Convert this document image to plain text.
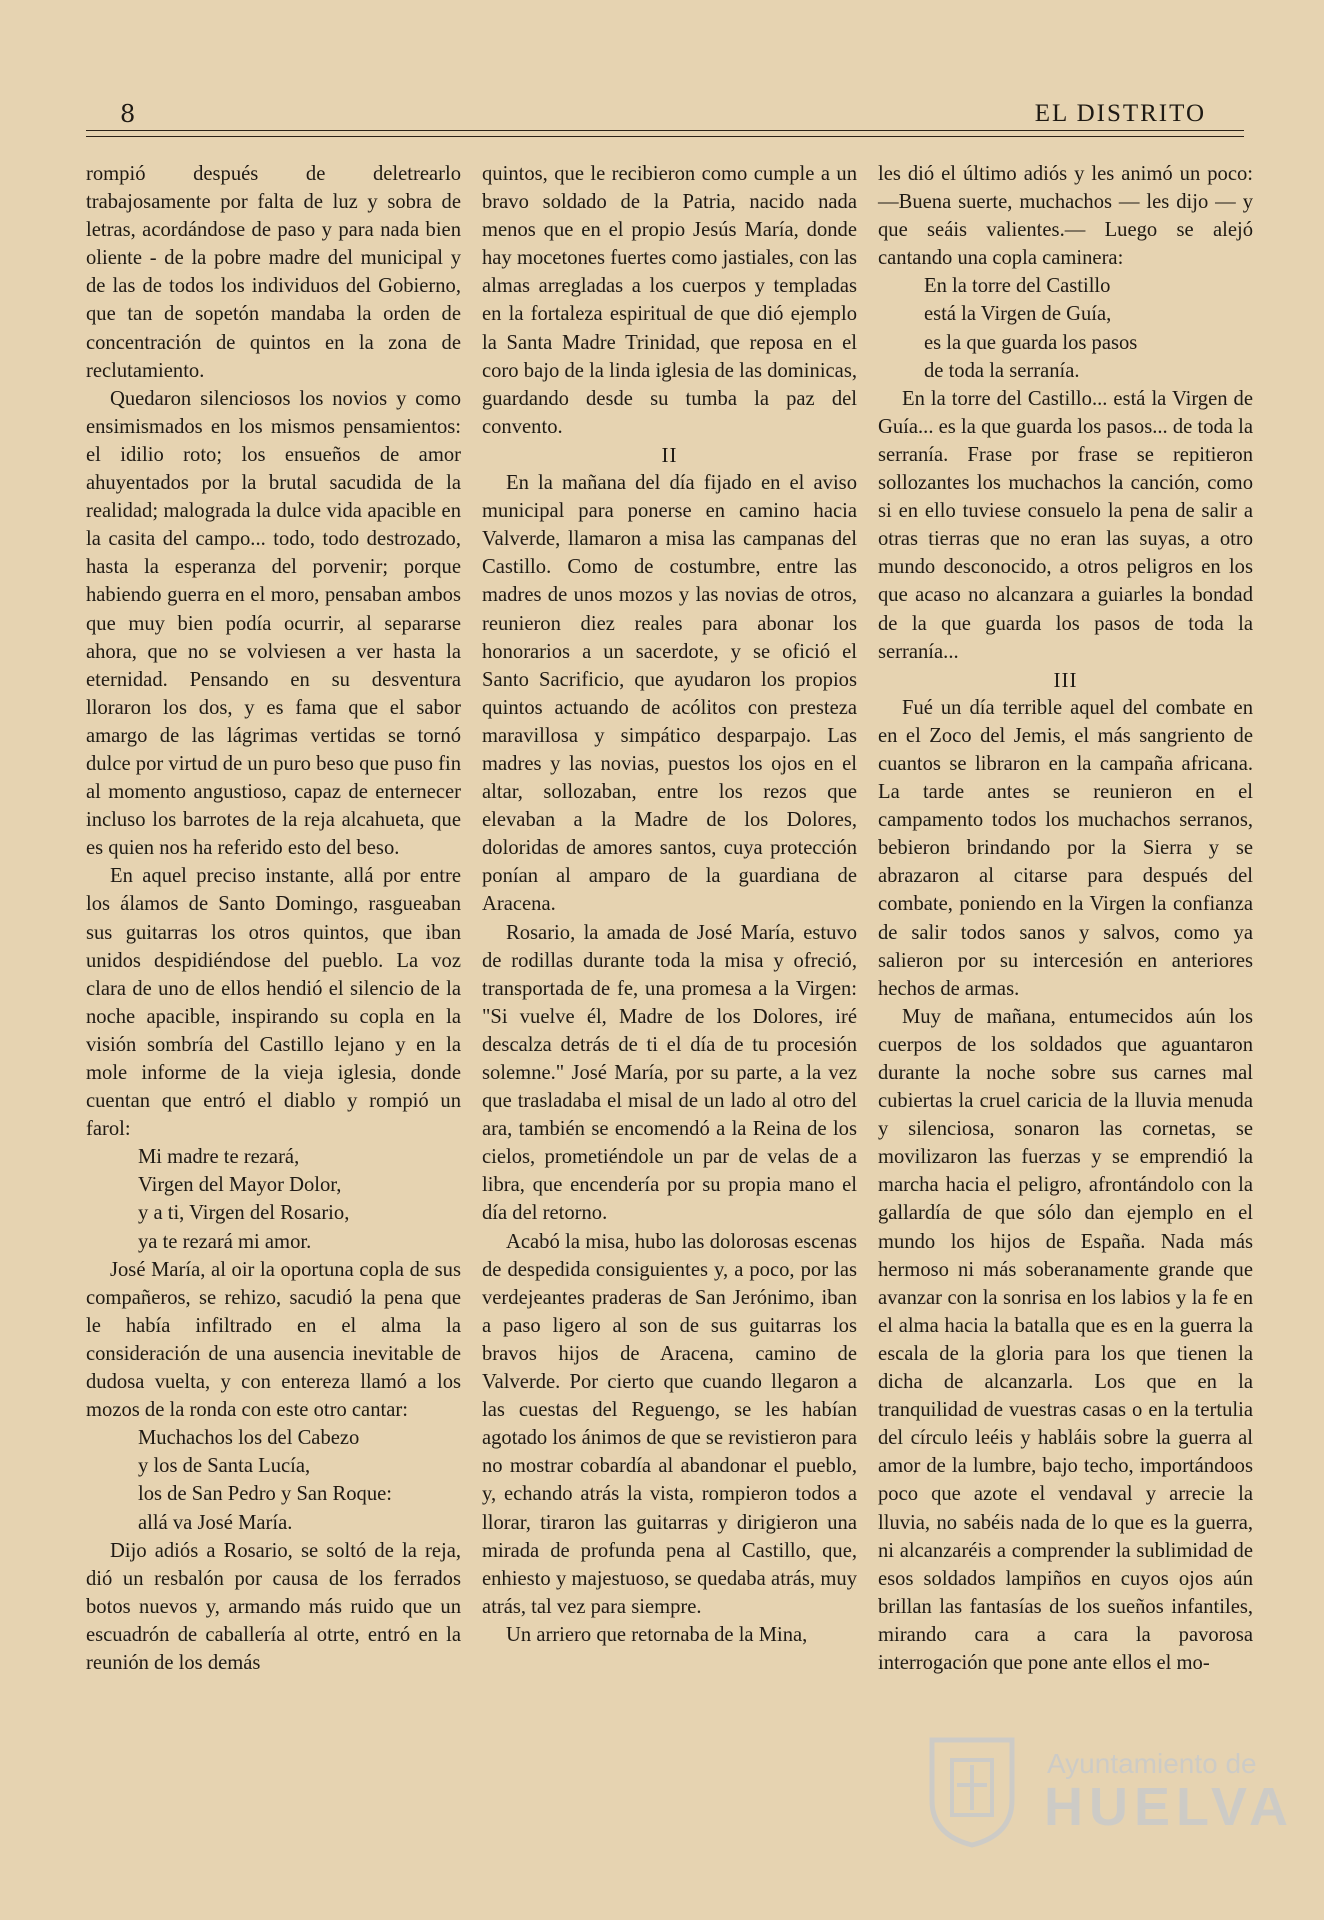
8	EL DISTRITO

rompió después de deletrearlo trabajosamente por falta de luz y sobra de letras, acordándose de paso y para nada bien oliente - de la pobre madre del municipal y de las de todos los individuos del Gobierno, que tan de sopetón mandaba la orden de concentración de quintos en la zona de reclutamiento.

Quedaron silenciosos los novios y como ensimismados en los mismos pensamientos: el idilio roto; los ensueños de amor ahuyentados por la brutal sacudida de la realidad; malograda la dulce vida apacible en la casita del campo... todo, todo destrozado, hasta la esperanza del porvenir; porque habiendo guerra en el moro, pensaban ambos que muy bien podía ocurrir, al separarse ahora, que no se volviesen a ver hasta la eternidad. Pensando en su desventura lloraron los dos, y es fama que el sabor amargo de las lágrimas vertidas se tornó dulce por virtud de un puro beso que puso fin al momento angustioso, capaz de enternecer incluso los barrotes de la reja alcahueta, que es quien nos ha referido esto del beso.

En aquel preciso instante, allá por entre los álamos de Santo Domingo, rasgueaban sus guitarras los otros quintos, que iban unidos despidiéndose del pueblo. La voz clara de uno de ellos hendió el silencio de la noche apacible, inspirando su copla en la visión sombría del Castillo lejano y en la mole informe de la vieja iglesia, donde cuentan que entró el diablo y rompió un farol:

Mi madre te rezará,
Virgen del Mayor Dolor,
y a ti, Virgen del Rosario,
ya te rezará mi amor.

José María, al oir la oportuna copla de sus compañeros, se rehizo, sacudió la pena que le había infiltrado en el alma la consideración de una ausencia inevitable de dudosa vuelta, y con entereza llamó a los mozos de la ronda con este otro cantar:

Muchachos los del Cabezo
y los de Santa Lucía,
los de San Pedro y San Roque:
allá va José María.

Dijo adiós a Rosario, se soltó de la reja, dió un resbalón por causa de los ferrados botos nuevos y, armando más ruido que un escuadrón de caballería al otrte, entró en la reunión de los demás

quintos, que le recibieron como cumple a un bravo soldado de la Patria, nacido nada menos que en el propio Jesús María, donde hay mocetones fuertes como jastiales, con las almas arregladas a los cuerpos y templadas en la fortaleza espiritual de que dió ejemplo la Santa Madre Trinidad, que reposa en el coro bajo de la linda iglesia de las dominicas, guardando desde su tumba la paz del convento.

II

En la mañana del día fijado en el aviso municipal para ponerse en camino hacia Valverde, llamaron a misa las campanas del Castillo. Como de costumbre, entre las madres de unos mozos y las novias de otros, reunieron diez reales para abonar los honorarios a un sacerdote, y se ofició el Santo Sacrificio, que ayudaron los propios quintos actuando de acólitos con presteza maravillosa y simpático desparpajo. Las madres y las novias, puestos los ojos en el altar, sollozaban, entre los rezos que elevaban a la Madre de los Dolores, doloridas de amores santos, cuya protección ponían al amparo de la guardiana de Aracena.

Rosario, la amada de José María, estuvo de rodillas durante toda la misa y ofreció, transportada de fe, una promesa a la Virgen: "Si vuelve él, Madre de los Dolores, iré descalza detrás de ti el día de tu procesión solemne." José María, por su parte, a la vez que trasladaba el misal de un lado al otro del ara, también se encomendó a la Reina de los cielos, prometiéndole un par de velas de a libra, que encendería por su propia mano el día del retorno.

Acabó la misa, hubo las dolorosas escenas de despedida consiguientes y, a poco, por las verdejeantes praderas de San Jerónimo, iban a paso ligero al son de sus guitarras los bravos hijos de Aracena, camino de Valverde. Por cierto que cuando llegaron a las cuestas del Reguengo, se les habían agotado los ánimos de que se revistieron para no mostrar cobardía al abandonar el pueblo, y, echando atrás la vista, rompieron todos a llorar, tiraron las guitarras y dirigieron una mirada de profunda pena al Castillo, que, enhiesto y majestuoso, se quedaba atrás, muy atrás, tal vez para siempre.

Un arriero que retornaba de la Mina,

les dió el último adiós y les animó un poco:—Buena suerte, muchachos — les dijo — y que seáis valientes.— Luego se alejó cantando una copla caminera:

En la torre del Castillo
está la Virgen de Guía,
es la que guarda los pasos
de toda la serranía.

En la torre del Castillo... está la Virgen de Guía... es la que guarda los pasos... de toda la serranía. Frase por frase se repitieron sollozantes los muchachos la canción, como si en ello tuviese consuelo la pena de salir a otras tierras que no eran las suyas, a otro mundo desconocido, a otros peligros en los que acaso no alcanzara a guiarles la bondad de la que guarda los pasos de toda la serranía...

III

Fué un día terrible aquel del combate en en el Zoco del Jemis, el más sangriento de cuantos se libraron en la campaña africana. La tarde antes se reunieron en el campamento todos los muchachos serranos, bebieron brindando por la Sierra y se abrazaron al citarse para después del combate, poniendo en la Virgen la confianza de salir todos sanos y salvos, como ya salieron por su intercesión en anteriores hechos de armas.

Muy de mañana, entumecidos aún los cuerpos de los soldados que aguantaron durante la noche sobre sus carnes mal cubiertas la cruel caricia de la lluvia menuda y silenciosa, sonaron las cornetas, se movilizaron las fuerzas y se emprendió la marcha hacia el peligro, afrontándolo con la gallardía de que sólo dan ejemplo en el mundo los hijos de España. Nada más hermoso ni más soberanamente grande que avanzar con la sonrisa en los labios y la fe en el alma hacia la batalla que es en la guerra la escala de la gloria para los que tienen la dicha de alcanzarla. Los que en la tranquilidad de vuestras casas o en la tertulia del círculo leéis y habláis sobre la guerra al amor de la lumbre, bajo techo, importándoos poco que azote el vendaval y arrecie la lluvia, no sabéis nada de lo que es la guerra, ni alcanzaréis a comprender la sublimidad de esos soldados lampiños en cuyos ojos aún brillan las fantasías de los sueños infantiles, mirando cara a cara la pavorosa interrogación que pone ante ellos el mo-

Ayuntamiento de
HUELVA
